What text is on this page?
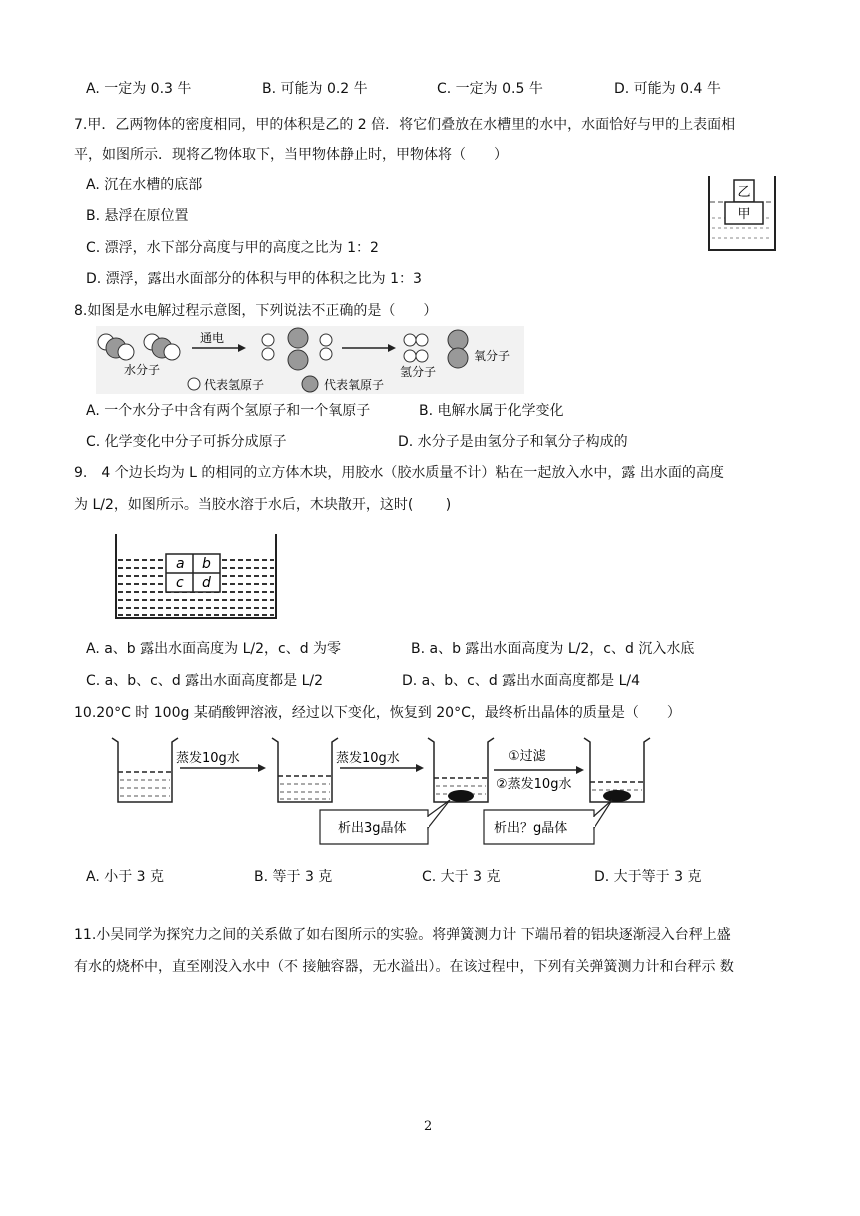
A. 一定为 0.3 牛	B. 可能为 0.2 牛	C. 一定为 0.5 牛	D. 可能为 0.4 牛
7.甲．乙两物体的密度相同，甲的体积是乙的 2 倍．将它们叠放在水槽里的水中，水面恰好与甲的上表面相
平，如图所示．现将乙物体取下，当甲物体静止时，甲物体将（　　）
A. 沉在水槽的底部
B. 悬浮在原位置
C. 漂浮，水下部分高度与甲的高度之比为 1：2
D. 漂浮，露出水面部分的体积与甲的体积之比为 1：3
乙
甲
8.如图是水电解过程示意图，下列说法不正确的是（　　）
水分子
通电
氢分子
氧分子
代表氢原子	代表氧原子
A. 一个水分子中含有两个氢原子和一个氧原子	B. 电解水属于化学变化
C. 化学变化中分子可拆分成原子	D. 水分子是由氢分子和氧分子构成的
9.　4 个边长均为 L 的相同的立方体木块，用胶水（胶水质量不计）粘在一起放入水中，露 出水面的高度
为 L/2，如图所示。当胶水溶于水后，木块散开，这时(　　 )
a b
c d
A. a、b 露出水面高度为 L/2，c、d 为零	B. a、b 露出水面高度为 L/2，c、d 沉入水底
C. a、b、c、d 露出水面高度都是 L/2	D. a、b、c、d 露出水面高度都是 L/4
10.20°C 时 100g 某硝酸钾溶液，经过以下变化，恢复到 20°C，最终析出晶体的质量是（　　）
蒸发10g水	蒸发10g水	①过滤
②蒸发10g水
析出3g晶体	析出？g晶体
A. 小于 3 克	B. 等于 3 克	C. 大于 3 克	D. 大于等于 3 克
11.小吴同学为探究力之间的关系做了如右图所示的实验。将弹簧测力计 下端吊着的铝块逐渐浸入台秤上盛
有水的烧杯中，直至刚没入水中（不 接触容器，无水溢出）。在该过程中，下列有关弹簧测力计和台秤示 数
2
